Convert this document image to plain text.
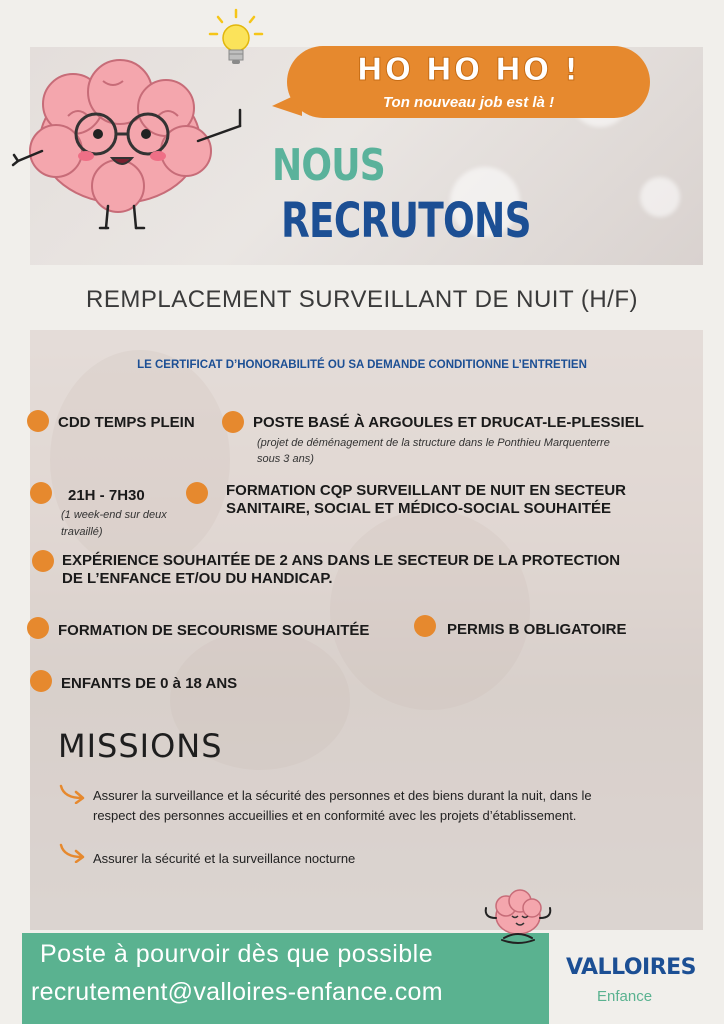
HO HO HO !
Ton nouveau job est là !
NOUS
RECRUTONS
REMPLACEMENT SURVEILLANT DE NUIT (H/F)
LE CERTIFICAT D’HONORABILITÉ OU SA DEMANDE CONDITIONNE L’ENTRETIEN
CDD TEMPS PLEIN	POSTE BASÉ À ARGOULES ET DRUCAT-LE-PLESSIEL
(projet de déménagement de la structure dans le Ponthieu Marquenterre
sous 3 ans)
21H - 7H30
(1 week-end sur deux
travaillé)
FORMATION CQP SURVEILLANT DE NUIT EN SECTEUR
SANITAIRE, SOCIAL ET MÉDICO-SOCIAL SOUHAITÉE
EXPÉRIENCE SOUHAITÉE DE 2 ANS DANS LE SECTEUR DE LA PROTECTION
DE L’ENFANCE ET/OU DU HANDICAP.
FORMATION DE SECOURISME SOUHAITÉE	PERMIS B OBLIGATOIRE
ENFANTS DE 0 à 18 ANS
MISSIONS
Assurer la surveillance et la sécurité des personnes et des biens durant la nuit, dans le
respect des personnes accueillies et en conformité avec les projets d’établissement.
Assurer la sécurité et la surveillance nocturne
Poste à pourvoir dès que possible
recrutement@valloires-enfance.com
VALLOIRES
Enfance
